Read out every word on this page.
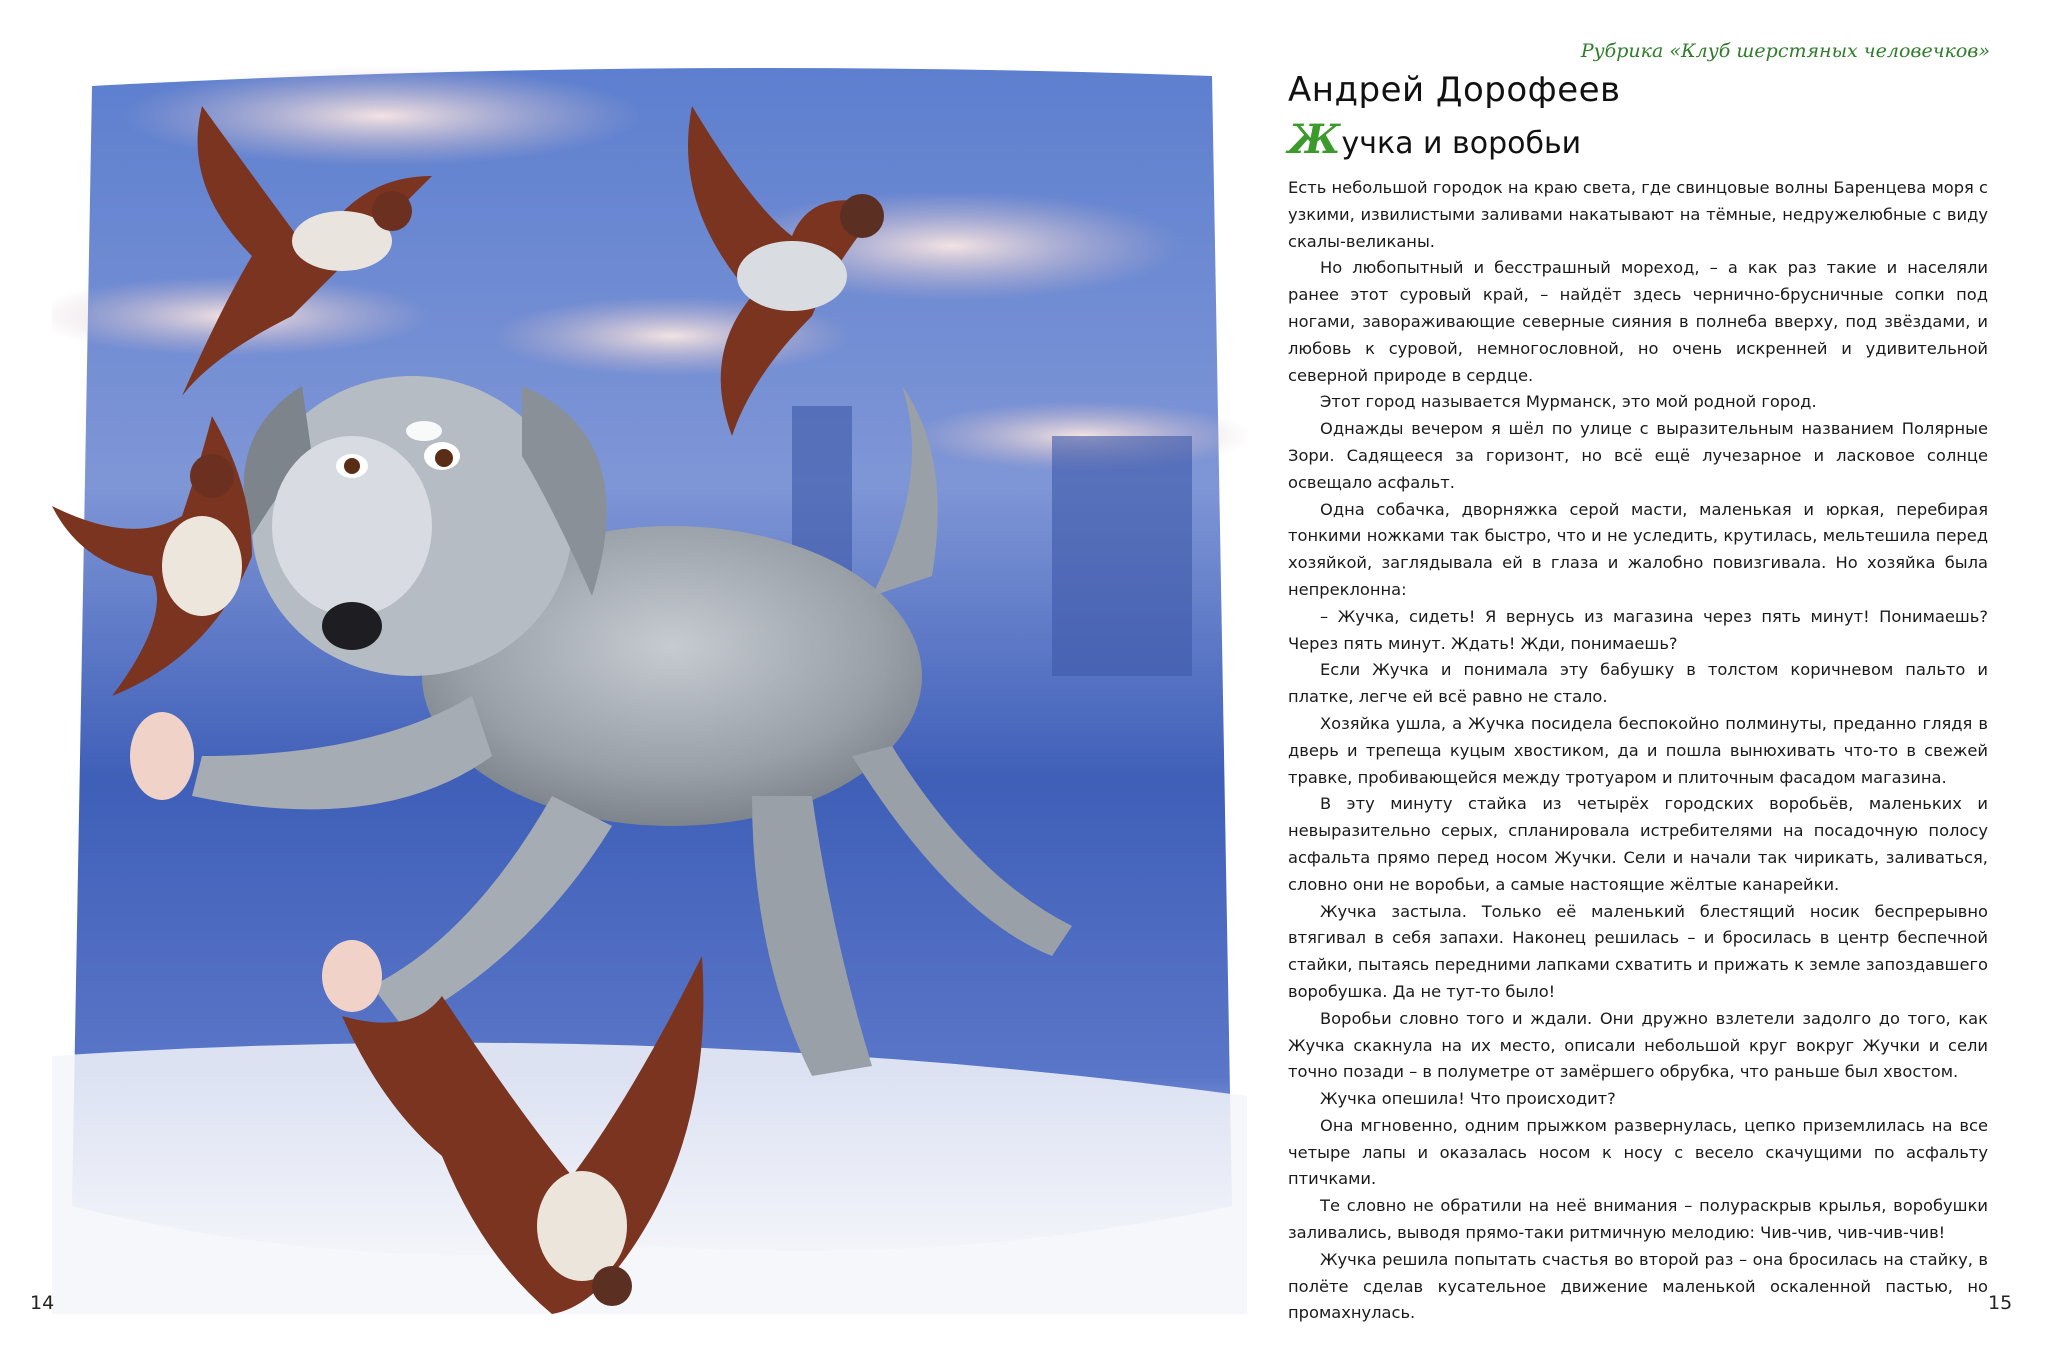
14
Рубрика «Клуб шерстяных человечков»
Андрей Дорофеев
Жучка и воробьи

Есть небольшой городок на краю света, где свинцовые волны Баренцева моря с узкими, извилистыми заливами накатывают на тёмные, недружелюбные с виду скалы-великаны.

Но любопытный и бесстрашный мореход, – а как раз такие и населяли ранее этот суровый край, – найдёт здесь чернично-брусничные сопки под ногами, завораживающие северные сияния в полнеба вверху, под звёздами, и любовь к суровой, немногословной, но очень искренней и удивительной северной природе в сердце.

Этот город называется Мурманск, это мой родной город.

Однажды вечером я шёл по улице с выразительным названием Полярные Зори. Садящееся за горизонт, но всё ещё лучезарное и ласковое солнце освещало асфальт.

Одна собачка, дворняжка серой масти, маленькая и юркая, перебирая тонкими ножками так быстро, что и не уследить, крутилась, мельтешила перед хозяйкой, заглядывала ей в глаза и жалобно повизгивала. Но хозяйка была непреклонна:

– Жучка, сидеть! Я вернусь из магазина через пять минут! Понимаешь? Через пять минут. Ждать! Жди, понимаешь?

Если Жучка и понимала эту бабушку в толстом коричневом пальто и платке, легче ей всё равно не стало.

Хозяйка ушла, а Жучка посидела беспокойно полминуты, преданно глядя в дверь и трепеща куцым хвостиком, да и пошла вынюхивать что-то в свежей травке, пробивающейся между тротуаром и плиточным фасадом магазина.

В эту минуту стайка из четырёх городских воробьёв, маленьких и невыразительно серых, спланировала истребителями на посадочную полосу асфальта прямо перед носом Жучки. Сели и начали так чирикать, заливаться, словно они не воробьи, а самые настоящие жёлтые канарейки.

Жучка застыла. Только её маленький блестящий носик беспрерывно втягивал в себя запахи. Наконец решилась – и бросилась в центр беспечной стайки, пытаясь передними лапками схватить и прижать к земле запоздавшего воробушка. Да не тут-то было!

Воробьи словно того и ждали. Они дружно взлетели задолго до того, как Жучка скакнула на их место, описали небольшой круг вокруг Жучки и сели точно позади – в полуметре от замёршего обрубка, что раньше был хвостом.

Жучка опешила! Что происходит?

Она мгновенно, одним прыжком развернулась, цепко приземлилась на все четыре лапы и оказалась носом к носу с весело скачущими по асфальту птичками.

Те словно не обратили на неё внимания – полураскрыв крылья, воробушки заливались, выводя прямо-таки ритмичную мелодию: Чив-чив, чив-чив-чив!

Жучка решила попытать счастья во второй раз – она бросилась на стайку, в полёте сделав кусательное движение маленькой оскаленной пастью, но промахнулась.	15
